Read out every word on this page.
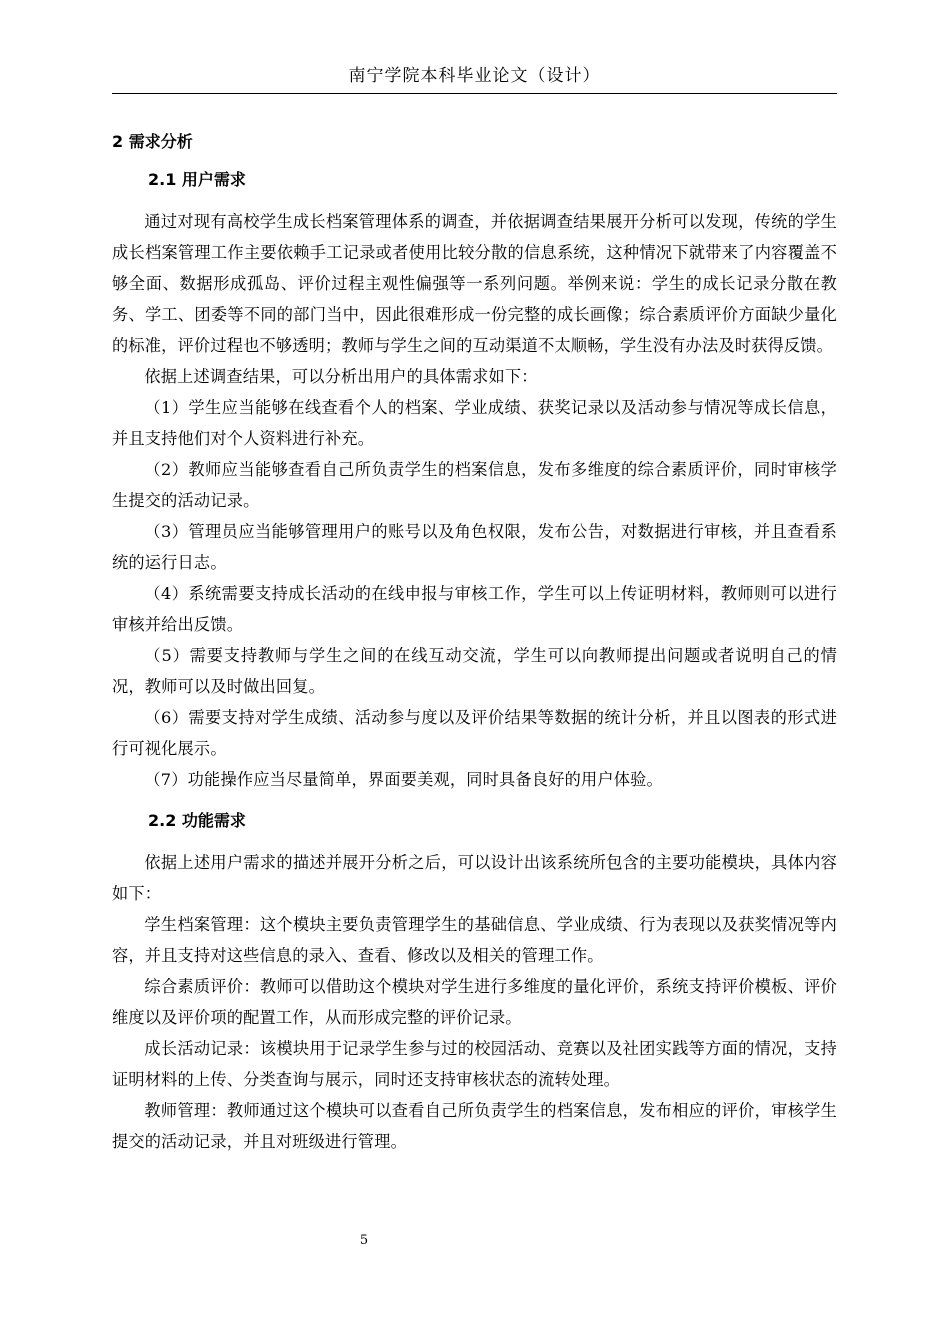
南宁学院本科毕业论文（设计）
2 需求分析
2.1 用户需求

通过对现有高校学生成长档案管理体系的调查，并依据调查结果展开分析可以发现，传统的学生成长档案管理工作主要依赖手工记录或者使用比较分散的信息系统，这种情况下就带来了内容覆盖不够全面、数据形成孤岛、评价过程主观性偏强等一系列问题。举例来说：学生的成长记录分散在教务、学工、团委等不同的部门当中，因此很难形成一份完整的成长画像；综合素质评价方面缺少量化的标准，评价过程也不够透明；教师与学生之间的互动渠道不太顺畅，学生没有办法及时获得反馈。

依据上述调查结果，可以分析出用户的具体需求如下：

（1）学生应当能够在线查看个人的档案、学业成绩、获奖记录以及活动参与情况等成长信息，并且支持他们对个人资料进行补充。

（2）教师应当能够查看自己所负责学生的档案信息，发布多维度的综合素质评价，同时审核学生提交的活动记录。

（3）管理员应当能够管理用户的账号以及角色权限，发布公告，对数据进行审核，并且查看系统的运行日志。

（4）系统需要支持成长活动的在线申报与审核工作，学生可以上传证明材料，教师则可以进行审核并给出反馈。

（5）需要支持教师与学生之间的在线互动交流，学生可以向教师提出问题或者说明自己的情况，教师可以及时做出回复。

（6）需要支持对学生成绩、活动参与度以及评价结果等数据的统计分析，并且以图表的形式进行可视化展示。

（7）功能操作应当尽量简单，界面要美观，同时具备良好的用户体验。

2.2 功能需求

依据上述用户需求的描述并展开分析之后，可以设计出该系统所包含的主要功能模块，具体内容如下：

学生档案管理：这个模块主要负责管理学生的基础信息、学业成绩、行为表现以及获奖情况等内容，并且支持对这些信息的录入、查看、修改以及相关的管理工作。

综合素质评价：教师可以借助这个模块对学生进行多维度的量化评价，系统支持评价模板、评价维度以及评价项的配置工作，从而形成完整的评价记录。

成长活动记录：该模块用于记录学生参与过的校园活动、竞赛以及社团实践等方面的情况，支持证明材料的上传、分类查询与展示，同时还支持审核状态的流转处理。

教师管理：教师通过这个模块可以查看自己所负责学生的档案信息，发布相应的评价，审核学生提交的活动记录，并且对班级进行管理。

5
